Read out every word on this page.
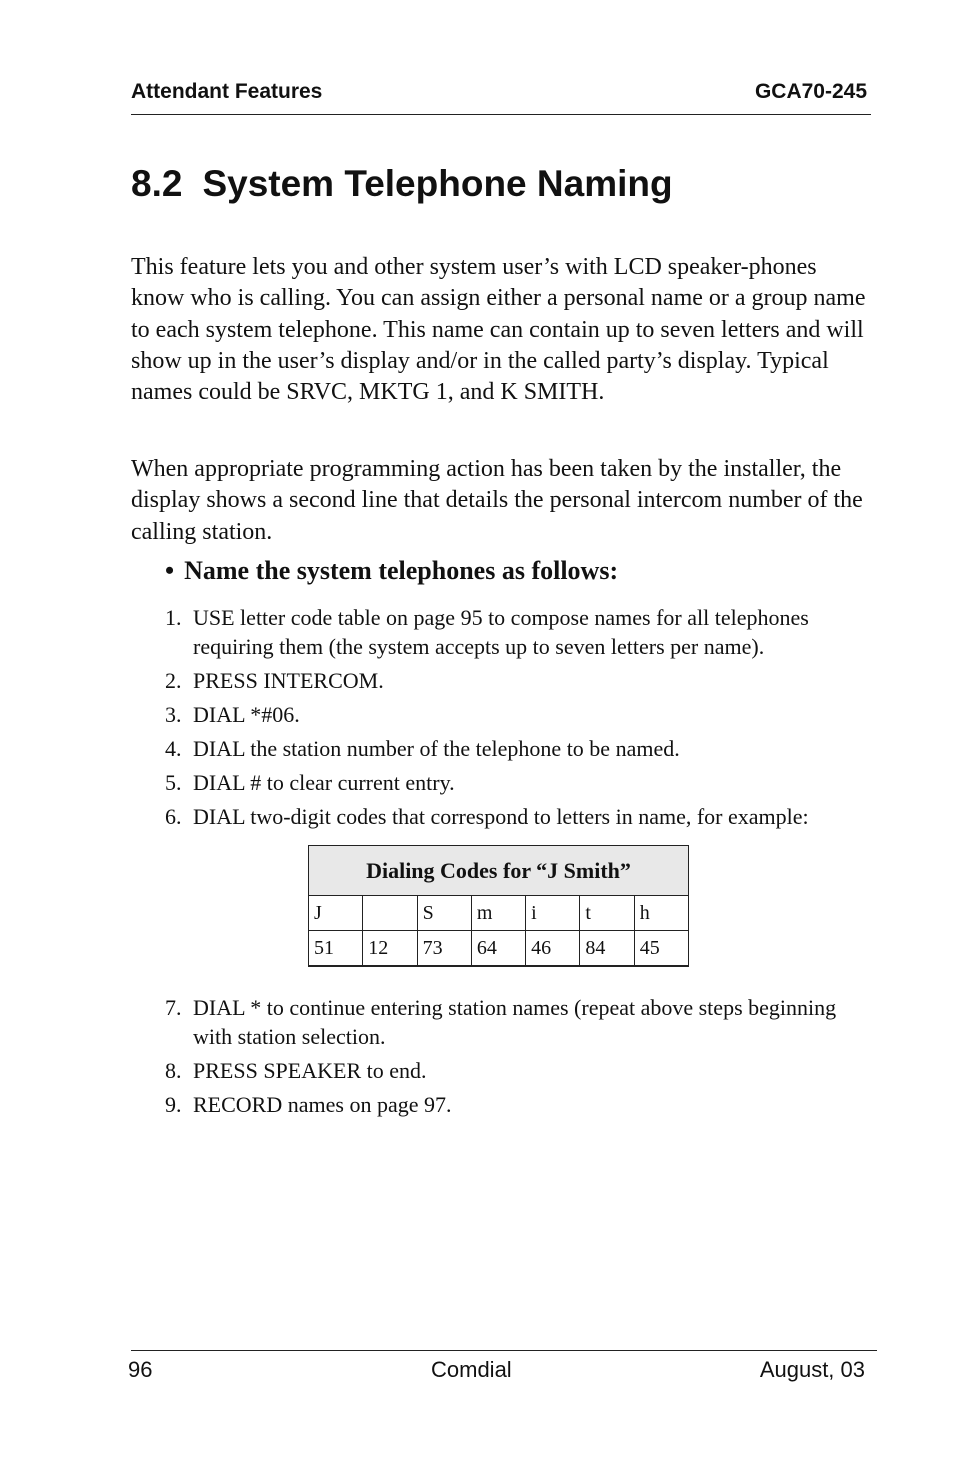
Attendant Features	GCA70-245
8.2 System Telephone Naming

This feature lets you and other system user’s with LCD speaker-phones know who is calling. You can assign either a personal name or a group name to each system telephone. This name can contain up to seven letters and will show up in the user’s display and/or in the called party’s display. Typical names could be SRVC, MKTG 1, and K SMITH.

When appropriate programming action has been taken by the installer, the display shows a second line that details the personal intercom number of the calling station.

• Name the system telephones as follows:

1. USE letter code table on page 95 to compose names for all telephones requiring them (the system accepts up to seven letters per name).
2. PRESS INTERCOM.
3. DIAL *#06.
4. DIAL the station number of the telephone to be named.
5. DIAL # to clear current entry.
6. DIAL two-digit codes that correspond to letters in name, for example:
Dialing Codes for “J Smith”						
J		S	m	i	t	h
51	12	73	64	46	84	45
7. DIAL * to continue entering station names (repeat above steps beginning with station selection.
8. PRESS SPEAKER to end.
9. RECORD names on page 97.
96	Comdial	August, 03
